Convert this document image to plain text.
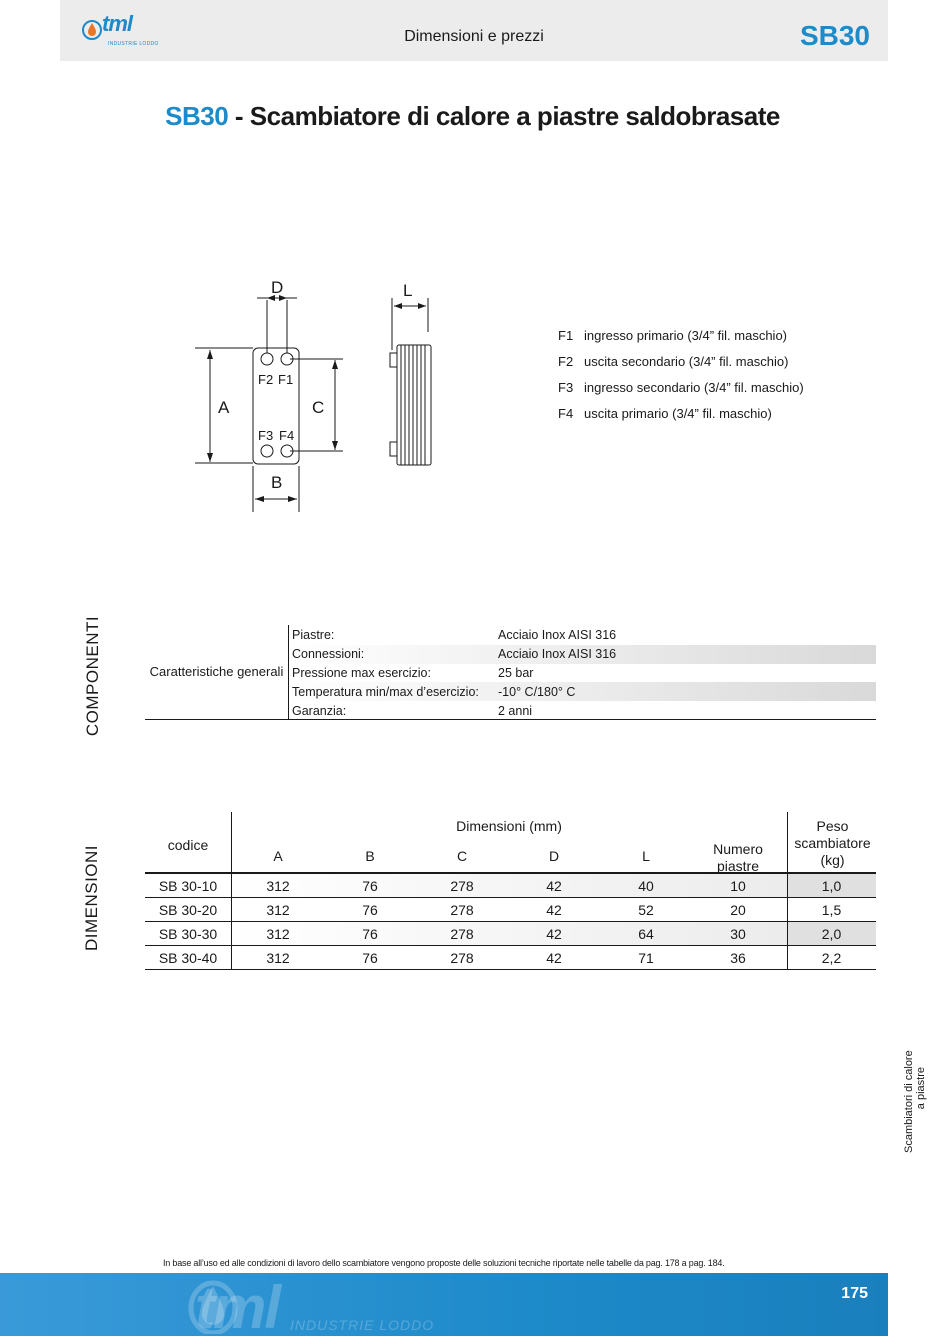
tml
INDUSTRIE LODDO	Dimensioni e prezzi	SB30
SB30 - Scambiatore di calore a piastre saldobrasate
D	L
A	C
B
F2 F1
F3 F4
F1 ingresso primario (3/4” fil. maschio)
F2 uscita secondario (3/4” fil. maschio)
F3 ingresso secondario (3/4” fil. maschio)
F4 uscita primario (3/4” fil. maschio)
COMPONENTI	Caratteristiche generali
Piastre:	Acciaio Inox AISI 316
Connessioni:	Acciaio Inox AISI 316
Pressione max esercizio:	25 bar
Temperatura min/max d’esercizio:	-10° C/180° C
Garanzia:	2 anni
DIMENSIONI	codice
Dimensioni (mm)
A	B	C	D	L	Numero piastre
Peso scambiatore (kg)
SB 30-10	312	76	278	42	40	10	1,0
SB 30-20	312	76	278	42	52	20	1,5
SB 30-30	312	76	278	42	64	30	2,0
SB 30-40	312	76	278	42	71	36	2,2
Scambiatori di calore a piastre
In base all’uso ed alle condizioni di lavoro dello scambiatore vengono proposte delle soluzioni tecniche riportate nelle tabelle da pag. 178 a pag. 184.
tml INDUSTRIE LODDO
175
